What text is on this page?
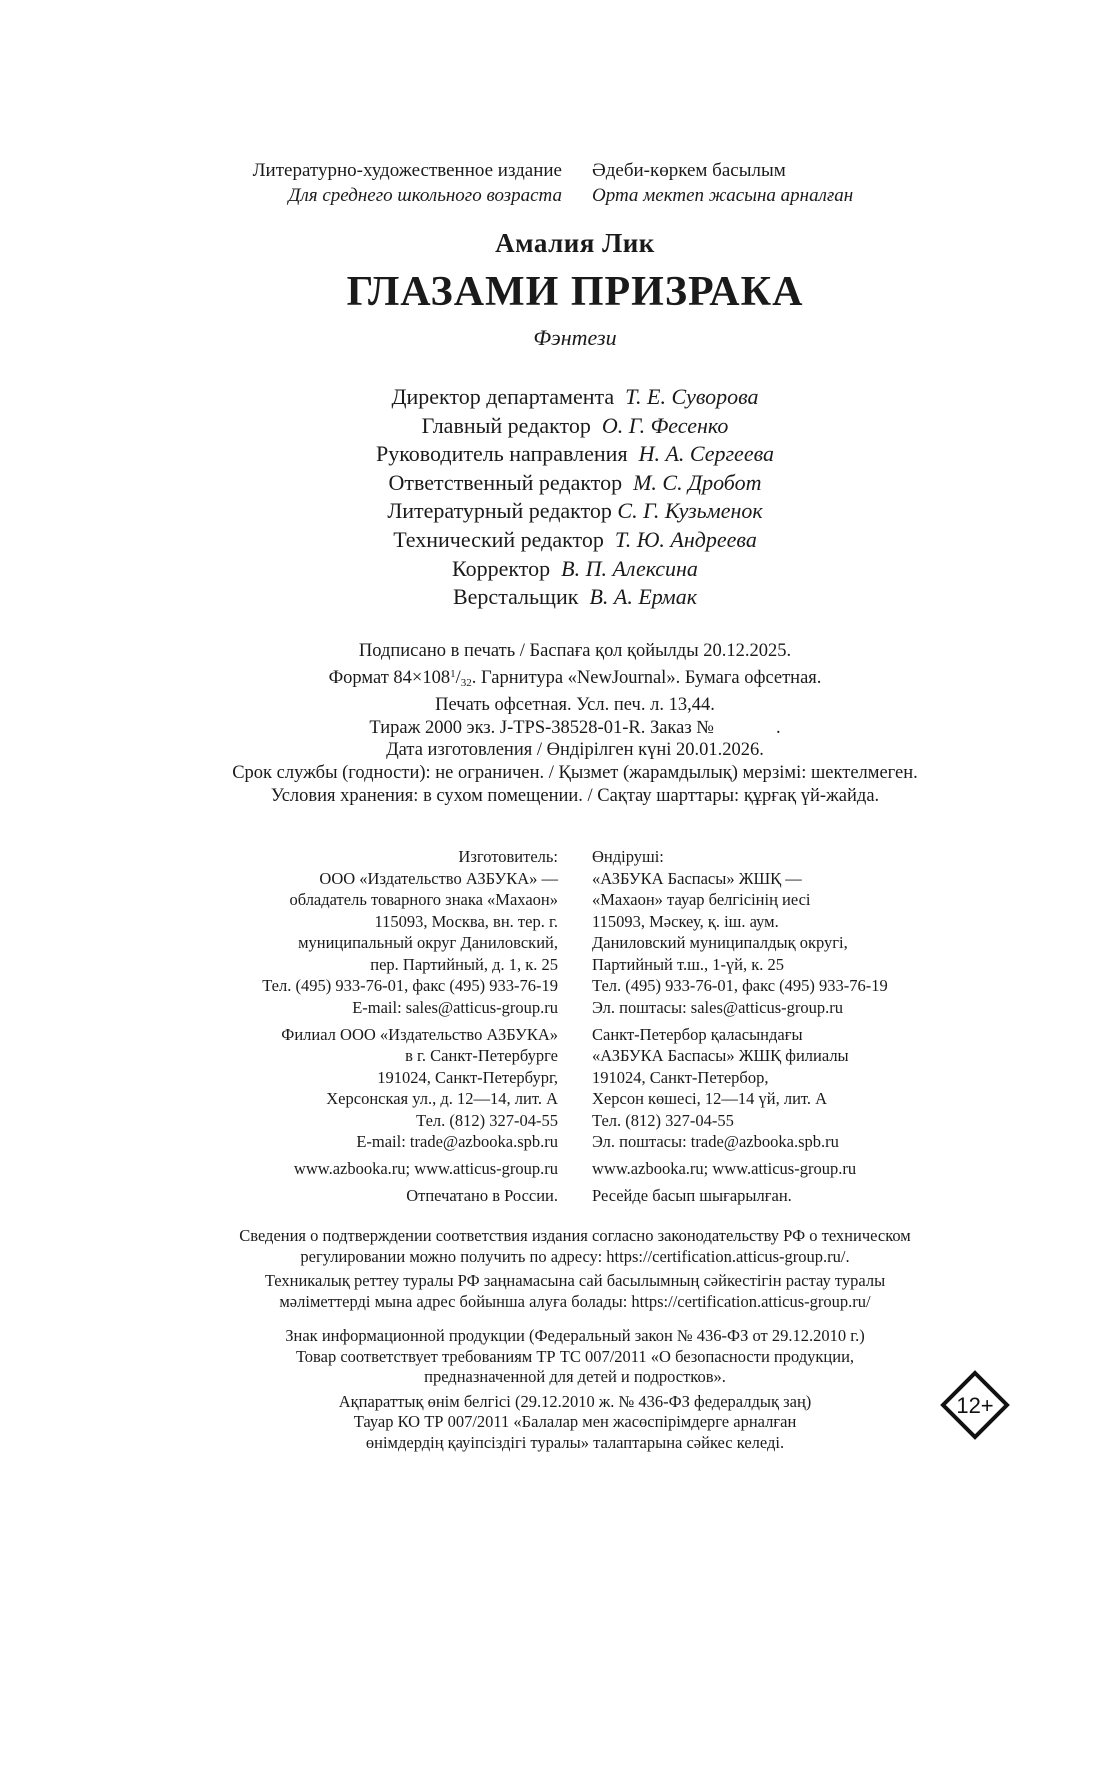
Литературно-художественное издание
Для среднего школьного возраста
Әдеби-көркем басылым
Орта мектеп жасына арналған
Амалия Лик
ГЛАЗАМИ ПРИЗРАКА
Фэнтези
Директор департамента Т. Е. Суворова
Главный редактор О. Г. Фесенко
Руководитель направления Н. А. Сергеева
Ответственный редактор М. С. Дробот
Литературный редактор С. Г. Кузьменок
Технический редактор Т. Ю. Андреева
Корректор В. П. Алексина
Верстальщик В. А. Ермак
Подписано в печать / Баспаға қол қойылды 20.12.2025.
Формат $84\times 108^1/_{32}$. Гарнитура «NewJournal». Бумага офсетная.
Печать офсетная. Усл. печ. л. 13,44.
Тираж 2000 экз. J-TPS-38528-01-R. Заказ №	.
Дата изготовления / Өндірілген күні 20.01.2026.
Срок службы (годности): не ограничен. / Қызмет (жарамдылық) мерзімі: шектелмеген.
Условия хранения: в сухом помещении. / Сақтау шарттары: құрғақ үй-жайда.
Изготовитель:
ООО «Издательство АЗБУКА» —
обладатель товарного знака «Махаон»
115093, Москва, вн. тер. г.
муниципальный округ Даниловский,
пер. Партийный, д. 1, к. 25
Тел. (495) 933-76-01, факс (495) 933-76-19
E-mail: sales@atticus-group.ru
Филиал ООО «Издательство АЗБУКА»
в г. Санкт-Петербурге
191024, Санкт-Петербург,
Херсонская ул., д. 12—14, лит. А
Тел. (812) 327-04-55
E-mail: trade@azbooka.spb.ru
www.azbooka.ru; www.atticus-group.ru
Отпечатано в России.
Өндіруші:
«АЗБУКА Баспасы» ЖШҚ —
«Махаон» тауар белгісінің иесі
115093, Мәскеу, қ. іш. аум.
Даниловский муниципалдық округі,
Партийный т.ш., 1-үй, к. 25
Тел. (495) 933-76-01, факс (495) 933-76-19
Эл. поштасы: sales@atticus-group.ru
Санкт-Петербор қаласындағы
«АЗБУКА Баспасы» ЖШҚ филиалы
191024, Санкт-Петербор,
Херсон көшесі, 12—14 үй, лит. А
Тел. (812) 327-04-55
Эл. поштасы: trade@azbooka.spb.ru
www.azbooka.ru; www.atticus-group.ru
Ресейде басып шығарылған.
Сведения о подтверждении соответствия издания согласно законодательству РФ о техническом
регулировании можно получить по адресу: https://certification.atticus-group.ru/.
Техникалық реттеу туралы РФ заңнамасына сай басылымның сәйкестігін растау туралы
мәліметтерді мына адрес бойынша алуға болады: https://certification.atticus-group.ru/
Знак информационной продукции (Федеральный закон № 436-ФЗ от 29.12.2010 г.)
Товар соответствует требованиям ТР ТС 007/2011 «О безопасности продукции,
предназначенной для детей и подростков».
Ақпараттық өнім белгісі (29.12.2010 ж. № 436-ФЗ федералдық заң)
Тауар КО ТР 007/2011 «Балалар мен жасөспірімдерге арналған
өнімдердің қауіпсіздігі туралы» талаптарына сәйкес келеді.
12+
